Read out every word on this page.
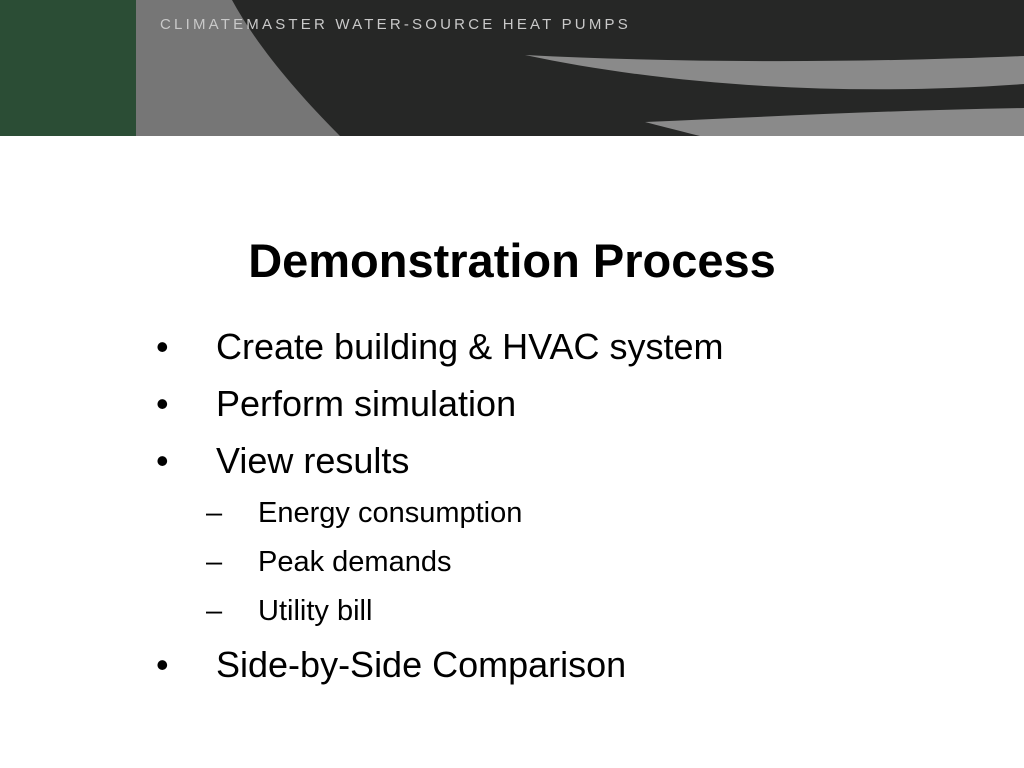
CLIMATEMASTER WATER-SOURCE HEAT PUMPS
Demonstration Process
• Create building & HVAC system
• Perform simulation
• View results
– Energy consumption
– Peak demands
– Utility bill
• Side-by-Side Comparison
